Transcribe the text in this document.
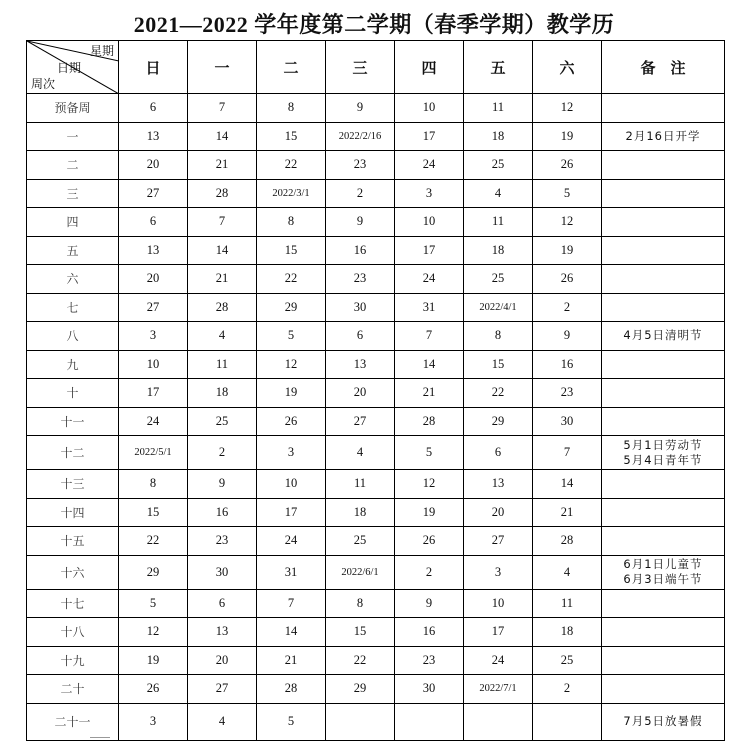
2021—2022 学年度第二学期（春季学期）教学历
星期
日期
周次	日	一	二	三	四	五	六	备　注
预备周	6	7	8	9	10	11	12	

一	13	14	15	2022/2/16	17	18	19	2月16日开学

二	20	21	22	23	24	25	26	

三	27	28	2022/3/1	2	3	4	5	

四	6	7	8	9	10	11	12	

五	13	14	15	16	17	18	19	

六	20	21	22	23	24	25	26	

七	27	28	29	30	31	2022/4/1	2	

八	3	4	5	6	7	8	9	4月5日清明节

九	10	11	12	13	14	15	16	

十	17	18	19	20	21	22	23	

十一	24	25	26	27	28	29	30	

十二	2022/5/1	2	3	4	5	6	7	5月1日劳动节
5月4日青年节

十三	8	9	10	11	12	13	14	

十四	15	16	17	18	19	20	21	

十五	22	23	24	25	26	27	28	

十六	29	30	31	2022/6/1	2	3	4	6月1日儿童节
6月3日端午节

十七	5	6	7	8	9	10	11	

十八	12	13	14	15	16	17	18	

十九	19	20	21	22	23	24	25	

二十	26	27	28	29	30	2022/7/1	2	

二十一	3	4	5					7月5日放暑假
